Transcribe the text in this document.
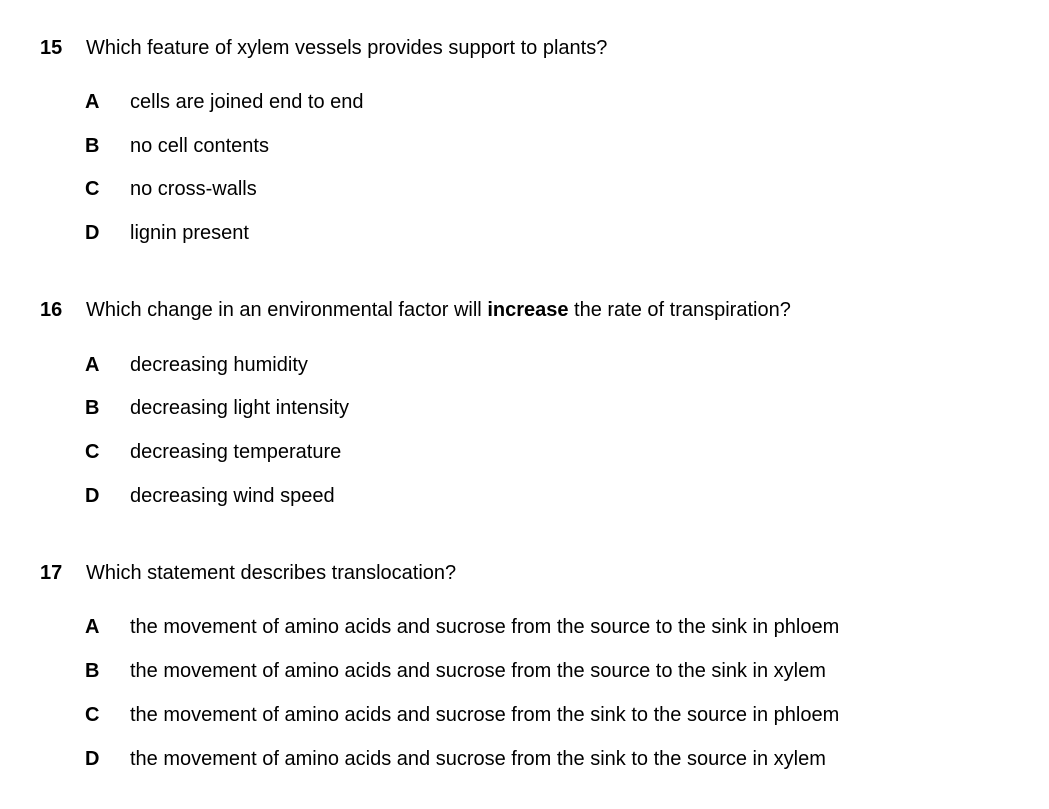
15 Which feature of xylem vessels provides support to plants?
A cells are joined end to end
B no cell contents
C no cross-walls
D lignin present
16 Which change in an environmental factor will increase the rate of transpiration?
A decreasing humidity
B decreasing light intensity
C decreasing temperature
D decreasing wind speed
17 Which statement describes translocation?
A the movement of amino acids and sucrose from the source to the sink in phloem
B the movement of amino acids and sucrose from the source to the sink in xylem
C the movement of amino acids and sucrose from the sink to the source in phloem
D the movement of amino acids and sucrose from the sink to the source in xylem
